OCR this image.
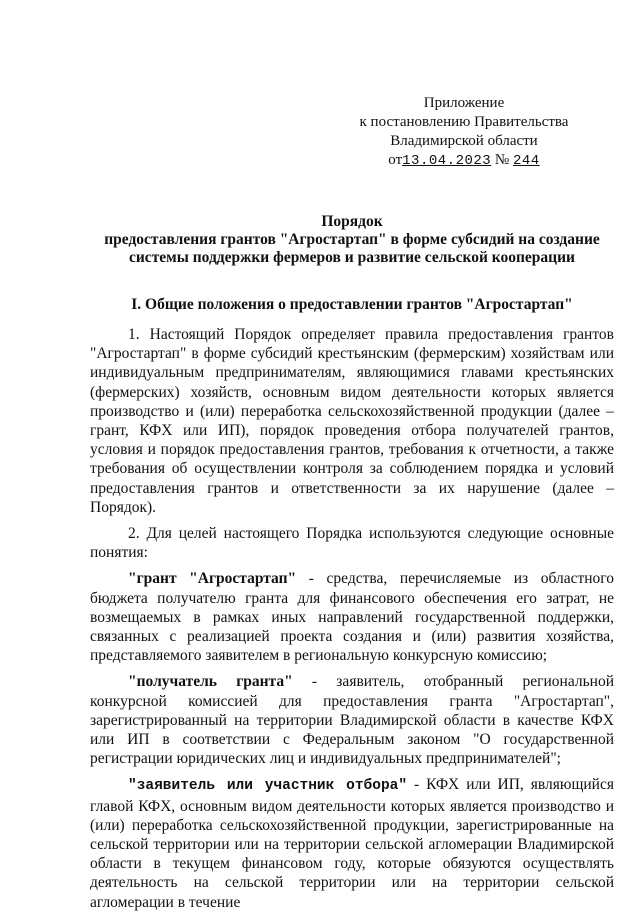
Приложение
к постановлению Правительства
Владимирской области
от13.04.2023 № 244
Порядок
предоставления грантов "Агростартап" в форме субсидий на создание
системы поддержки фермеров и развитие сельской кооперации
I. Общие положения о предоставлении грантов "Агростартап"

1. Настоящий Порядок определяет правила предоставления грантов "Агростартап" в форме субсидий крестьянским (фермерским) хозяйствам или индивидуальным предпринимателям, являющимися главами крестьянских (фермерских) хозяйств, основным видом деятельности которых является производство и (или) переработка сельскохозяйственной продукции (далее – грант, КФХ или ИП), порядок проведения отбора получателей грантов, условия и порядок предоставления грантов, требования к отчетности, а также требования об осуществлении контроля за соблюдением порядка и условий предоставления грантов и ответственности за их нарушение (далее – Порядок).

2. Для целей настоящего Порядка используются следующие основные понятия:

"грант "Агростартап" - средства, перечисляемые из областного бюджета получателю гранта для финансового обеспечения его затрат, не возмещаемых в рамках иных направлений государственной поддержки, связанных с реализацией проекта создания и (или) развития хозяйства, представляемого заявителем в региональную конкурсную комиссию;

"получатель гранта" - заявитель, отобранный региональной конкурсной комиссией для предоставления гранта "Агростартап", зарегистрированный на территории Владимирской области в качестве КФХ или ИП в соответствии с Федеральным законом "О государственной регистрации юридических лиц и индивидуальных предпринимателей";

"заявитель или участник отбора" - КФХ или ИП, являющийся главой КФХ, основным видом деятельности которых является производство и (или) переработка сельскохозяйственной продукции, зарегистрированные на сельской территории или на территории сельской агломерации Владимирской области в текущем финансовом году, которые обязуются осуществлять деятельность на сельской территории или на территории сельской агломерации в течение
